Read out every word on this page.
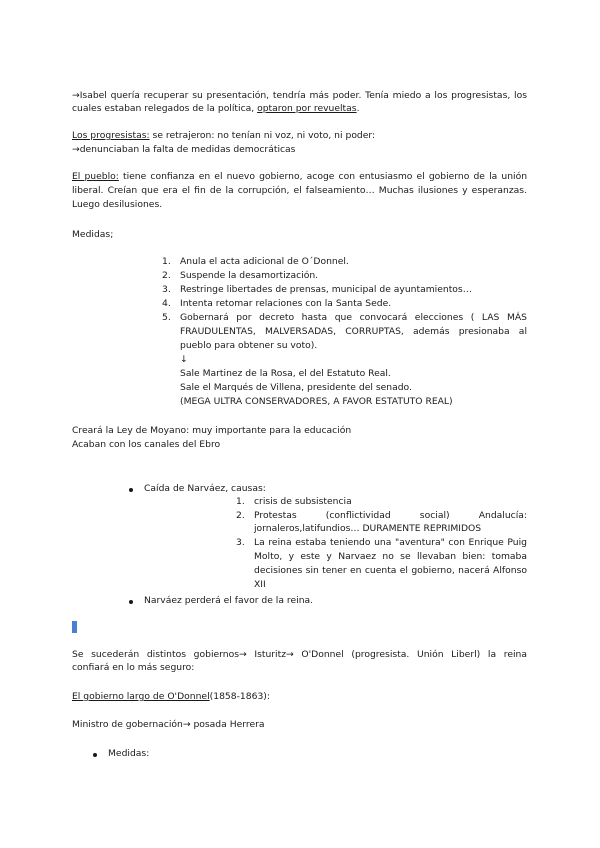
→Isabel quería recuperar su presentación, tendría más poder. Tenía miedo a los progresistas, los
cuales estaban relegados de la política, optaron por revueltas.
Los progresistas: se retrajeron: no tenían ni voz, ni voto, ni poder:
→denunciaban la falta de medidas democráticas
El pueblo: tiene confianza en el nuevo gobierno, acoge con entusiasmo el gobierno de la unión
liberal. Creían que era el fin de la corrupción, el falseamiento… Muchas ilusiones y esperanzas.
Luego desilusiones.
Medidas;
1. Anula el acta adicional de O´Donnel.
2. Suspende la desamortización.
3. Restringe libertades de prensas, municipal de ayuntamientos…
4. Intenta retomar relaciones con la Santa Sede.
5. Gobernará por decreto hasta que convocará elecciones ( LAS MÁS
FRAUDULENTAS, MALVERSADAS, CORRUPTAS, además presionaba al
pueblo para obtener su voto).
↓
Sale Martinez de la Rosa, el del Estatuto Real.
Sale el Marqués de Villena, presidente del senado.
(MEGA ULTRA CONSERVADORES, A FAVOR ESTATUTO REAL)
Creará la Ley de Moyano: muy importante para la educación
Acaban con los canales del Ebro
Caída de Narváez, causas:
1. crisis de subsistencia
2. Protestas (conflictividad social) Andalucía:
jornaleros,latifundios… DURAMENTE REPRIMIDOS
3. La reina estaba teniendo una "aventura" con Enrique Puig
Molto, y este y Narvaez no se llevaban bien: tomaba
decisiones sin tener en cuenta el gobierno, nacerá Alfonso
XII
Narváez perderá el favor de la reina.
Se sucederán distintos gobiernos→ Isturitz→ O'Donnel (progresista. Unión Liberl) la reina
confiará en lo más seguro:
El gobierno largo de O'Donnel(1858-1863):
Ministro de gobernación→ posada Herrera
Medidas:
